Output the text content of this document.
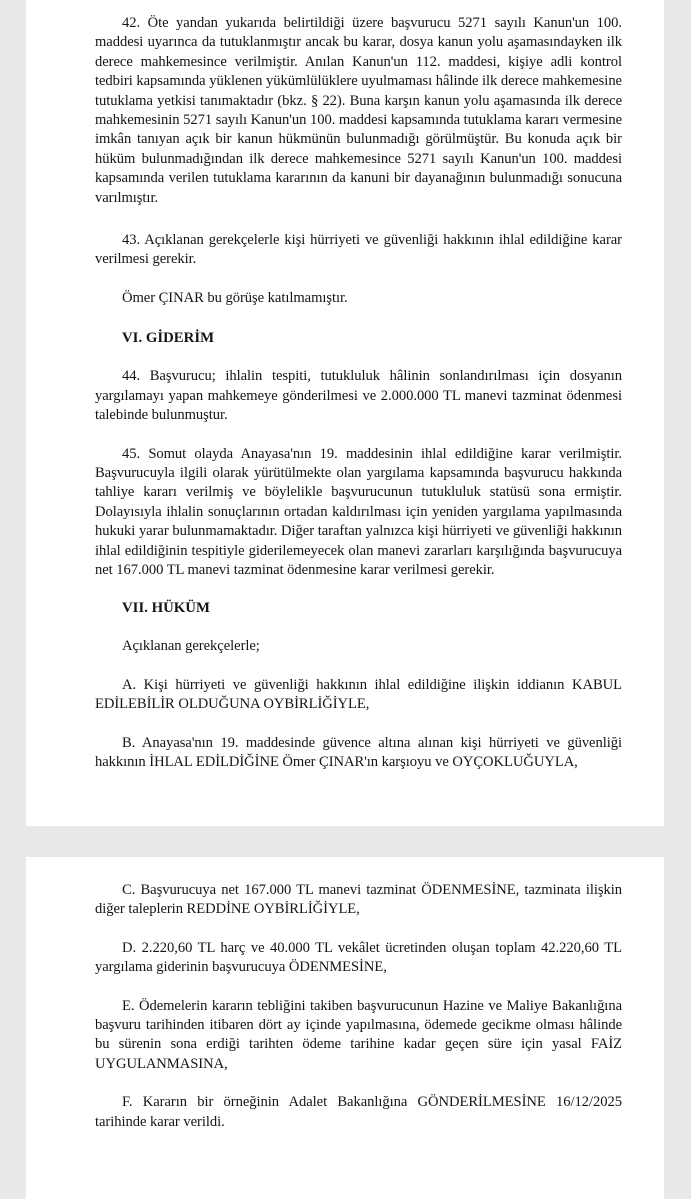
42. Öte yandan yukarıda belirtildiği üzere başvurucu 5271 sayılı Kanun'un 100. maddesi uyarınca da tutuklanmıştır ancak bu karar, dosya kanun yolu aşamasındayken ilk derece mahkemesince verilmiştir. Anılan Kanun'un 112. maddesi, kişiye adli kontrol tedbiri kapsamında yüklenen yükümlülüklere uyulmaması hâlinde ilk derece mahkemesine tutuklama yetkisi tanımaktadır (bkz. § 22). Buna karşın kanun yolu aşamasında ilk derece mahkemesinin 5271 sayılı Kanun'un 100. maddesi kapsamında tutuklama kararı vermesine imkân tanıyan açık bir kanun hükmünün bulunmadığı görülmüştür. Bu konuda açık bir hüküm bulunmadığından ilk derece mahkemesince 5271 sayılı Kanun'un 100. maddesi kapsamında verilen tutuklama kararının da kanuni bir dayanağının bulunmadığı sonucuna varılmıştır.

43. Açıklanan gerekçelerle kişi hürriyeti ve güvenliği hakkının ihlal edildiğine karar verilmesi gerekir.

Ömer ÇINAR bu görüşe katılmamıştır.

VI. GİDERİM

44. Başvurucu; ihlalin tespiti, tutukluluk hâlinin sonlandırılması için dosyanın yargılamayı yapan mahkemeye gönderilmesi ve 2.000.000 TL manevi tazminat ödenmesi talebinde bulunmuştur.

45. Somut olayda Anayasa'nın 19. maddesinin ihlal edildiğine karar verilmiştir. Başvurucuyla ilgili olarak yürütülmekte olan yargılama kapsamında başvurucu hakkında tahliye kararı verilmiş ve böylelikle başvurucunun tutukluluk statüsü sona ermiştir. Dolayısıyla ihlalin sonuçlarının ortadan kaldırılması için yeniden yargılama yapılmasında hukuki yarar bulunmamaktadır. Diğer taraftan yalnızca kişi hürriyeti ve güvenliği hakkının ihlal edildiğinin tespitiyle giderilemeyecek olan manevi zararları karşılığında başvurucuya net 167.000 TL manevi tazminat ödenmesine karar verilmesi gerekir.

VII. HÜKÜM

Açıklanan gerekçelerle;

A. Kişi hürriyeti ve güvenliği hakkının ihlal edildiğine ilişkin iddianın KABUL EDİLEBİLİR OLDUĞUNA OYBİRLİĞİYLE,

B. Anayasa'nın 19. maddesinde güvence altına alınan kişi hürriyeti ve güvenliği hakkının İHLAL EDİLDİĞİNE Ömer ÇINAR'ın karşıoyu ve OYÇOKLUĞUYLA,

C. Başvurucuya net 167.000 TL manevi tazminat ÖDENMESİNE, tazminata ilişkin diğer taleplerin REDDİNE OYBİRLİĞİYLE,

D. 2.220,60 TL harç ve 40.000 TL vekâlet ücretinden oluşan toplam 42.220,60 TL yargılama giderinin başvurucuya ÖDENMESİNE,

E. Ödemelerin kararın tebliğini takiben başvurucunun Hazine ve Maliye Bakanlığına başvuru tarihinden itibaren dört ay içinde yapılmasına, ödemede gecikme olması hâlinde bu sürenin sona erdiği tarihten ödeme tarihine kadar geçen süre için yasal FAİZ UYGULANMASINA,

F. Kararın bir örneğinin Adalet Bakanlığına GÖNDERİLMESİNE 16/12/2025 tarihinde karar verildi.
